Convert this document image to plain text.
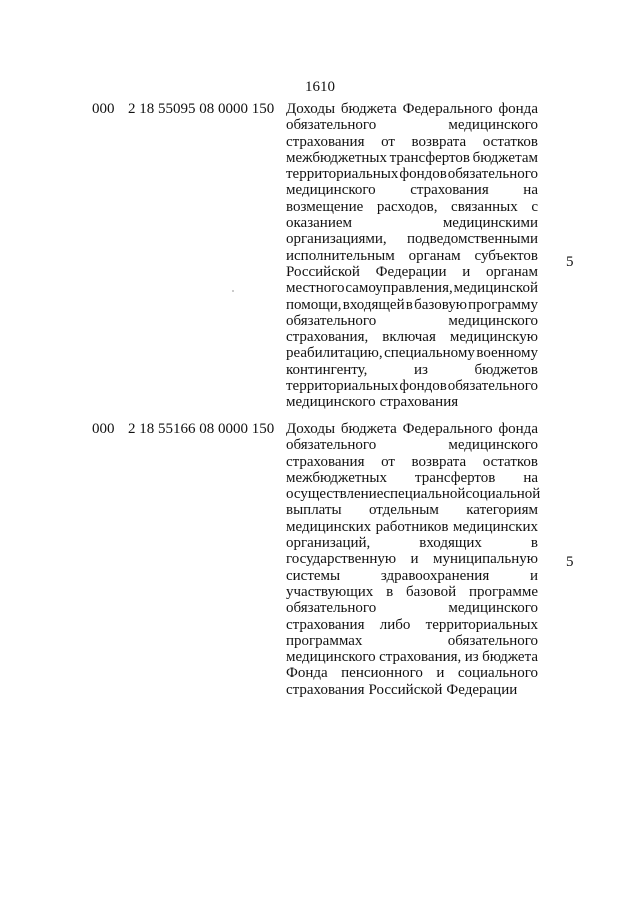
1610
000 2 18 55095 08 0000 150 Доходы бюджета Федерального фонда
обязательного	медицинского
страхования от возврата остатков
межбюджетных трансфертов бюджетам
территориальных фондов обязательного
медицинского страхования на
возмещение расходов, связанных с
оказанием	медицинскими
организациями, подведомственными
исполнительным органам субъектов
Российской Федерации и органам
местного самоуправления, медицинской
помощи, входящей в базовую программу
обязательного	медицинского
страхования, включая медицинскую
реабилитацию, специальному военному
контингенту,	из	бюджетов
территориальных фондов обязательного
медицинского страхования
5
000 2 18 55166 08 0000 150 Доходы бюджета Федерального фонда
обязательного	медицинского
страхования от возврата остатков
межбюджетных трансфертов на
осуществление специальной социальной
выплаты отдельным категориям
медицинских работников медицинских
организаций,	входящих	в
государственную и муниципальную
системы	здравоохранения	и
участвующих в базовой программе
обязательного	медицинского
страхования либо территориальных
программах	обязательного
медицинского страхования, из бюджета
Фонда пенсионного и социального
страхования Российской Федерации
5
